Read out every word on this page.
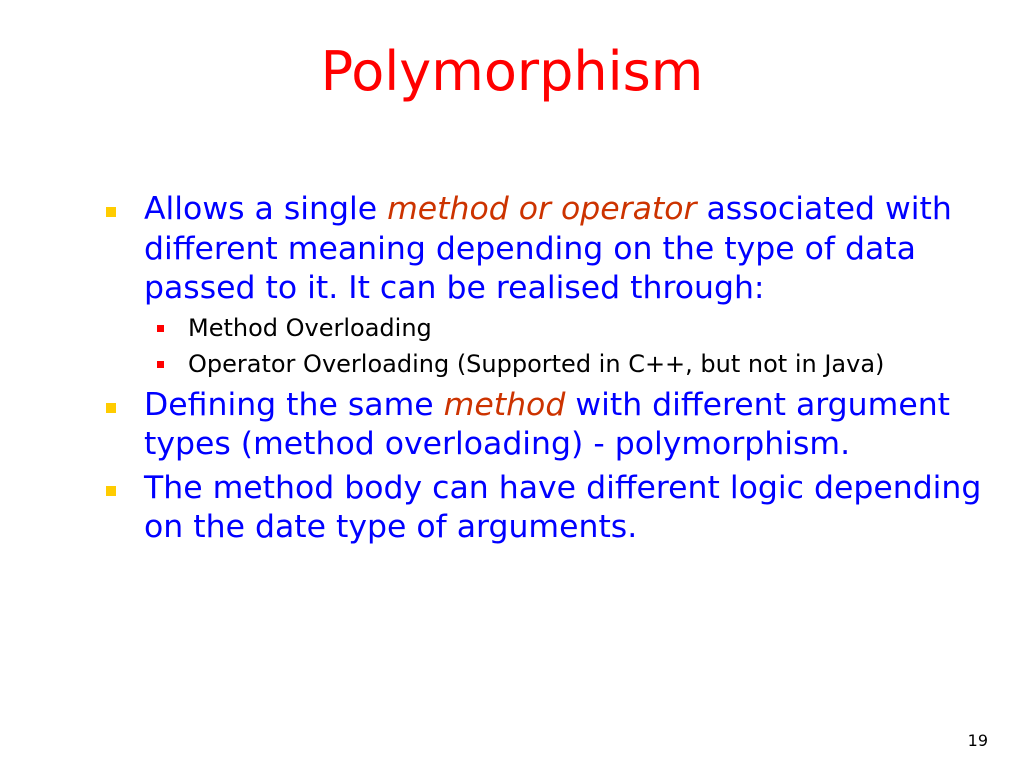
Polymorphism
Allows a single method or operator associated with different meaning depending on the type of data passed to it. It can be realised through:
Method Overloading
Operator Overloading (Supported in C++, but not in Java)
Defining the same method with different argument types (method overloading) - polymorphism.
The method body can have different logic depending on the date type of arguments.
19
